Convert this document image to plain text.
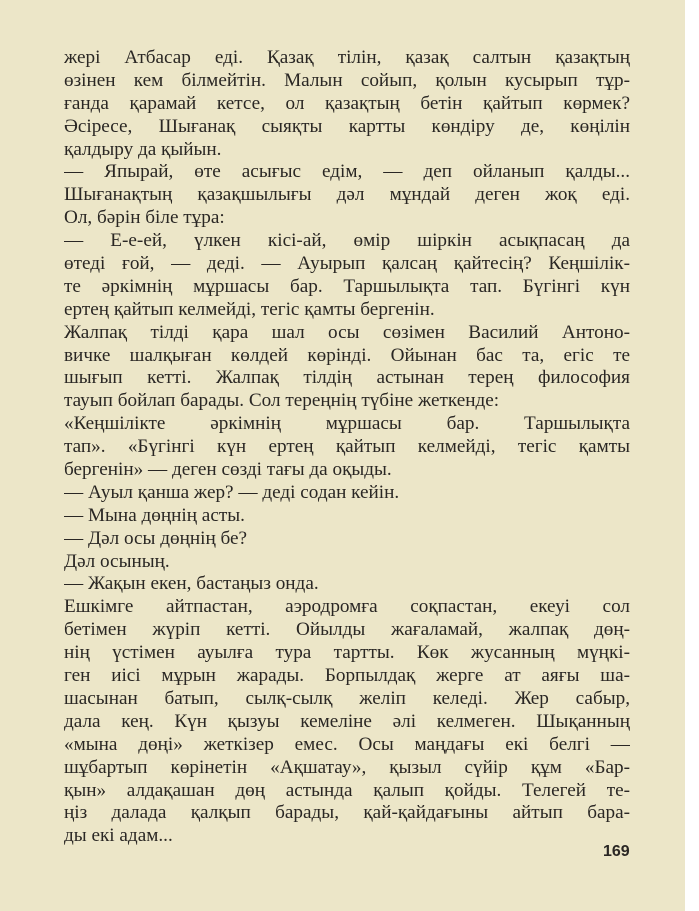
жері Атбасар еді. Қазақ тілін, қазақ салтын қазақтың
өзінен кем білмейтін. Малын сойып, қолын кусырып тұр-
ғанда қарамай кетсе, ол қазақтың бетін қайтып көрмек?
Әсіресе, Шығанақ сыяқты картты көндіру де, көңілін
қалдыру да қыйын.
— Япырай, өте асығыс едім, — деп ойланып қалды...
Шығанақтың қазақшылығы дәл мұндай деген жоқ еді.
Ол, бәрін біле тұра:
— Е-е-ей, үлкен кісі-ай, өмір шіркін асықпасаң да
өтеді ғой, — деді. — Ауырып қалсаң қайтесің? Кеңшілік-
те әркімнің мұршасы бар. Таршылықта тап. Бүгінгі күн
ертең қайтып келмейді, тегіс қамты бергенін.
Жалпақ тілді қара шал осы сөзімен Василий Антоно-
вичке шалқыған көлдей көрінді. Ойынан бас та, егіс те
шығып кетті. Жалпақ тілдің астынан терең философия
тауып бойлап барады. Сол тереңнің түбіне жеткенде:
«Кеңшілікте әркімнің мұршасы бар. Таршылықта
тап». «Бүгінгі күн ертең қайтып келмейді, тегіс қамты
бергенін» — деген сөзді тағы да оқыды.
— Ауыл қанша жер? — деді содан кейін.
— Мына дөңнің асты.
— Дәл осы дөңнің бе?
Дәл осының.
— Жақын екен, бастаңыз онда.
Ешкімге айтпастан, аэродромға соқпастан, екеуі сол
бетімен жүріп кетті. Ойылды жағаламай, жалпақ дөң-
нің үстімен ауылға тура тартты. Көк жусанның мүңкі-
ген иісі мұрын жарады. Борпылдақ жерге ат аяғы ша-
шасынан батып, сылқ-сылқ желіп келеді. Жер сабыр,
дала кең. Күн қызуы кемеліне әлі келмеген. Шықанның
«мына дөңі» жеткізер емес. Осы маңдағы екі белгі —
шұбартып көрінетін «Ақшатау», қызыл сүйір құм «Бар-
қын» алдақашан дөң астында қалып қойды. Телегей те-
ңіз далада қалқып барады, қай-қайдағыны айтып бара-
ды екі адам...
169
